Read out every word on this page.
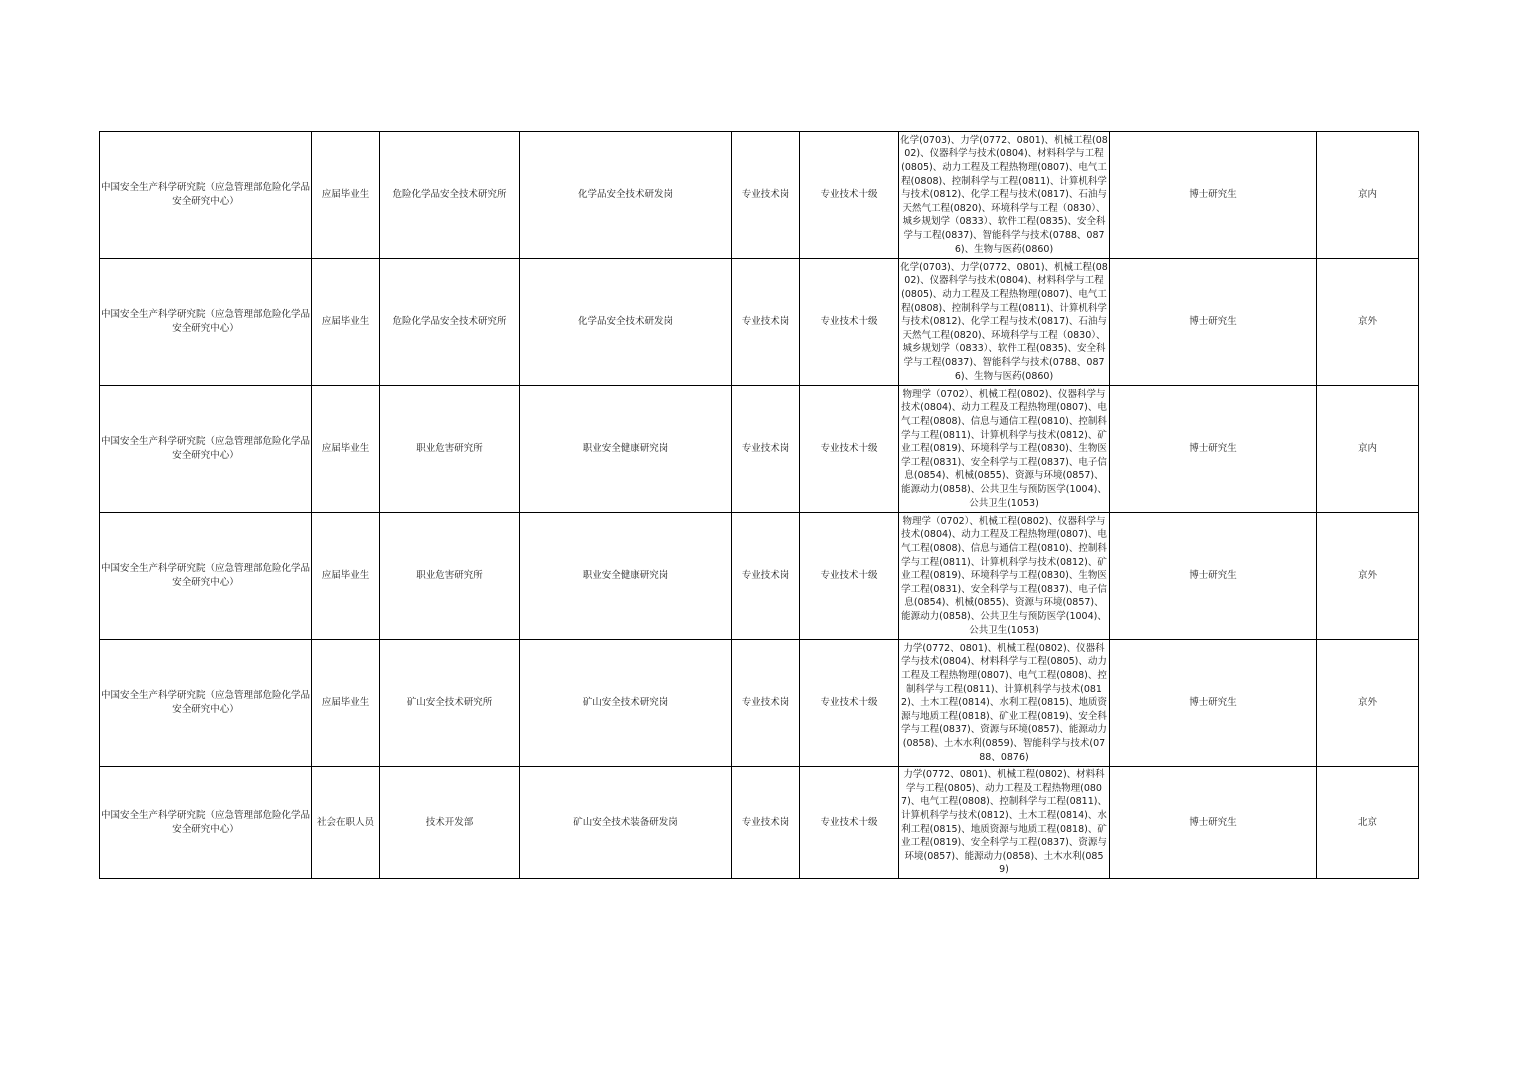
中国安全生产科学研究院（应急管理部危险化学品安全研究中心）	应届毕业生	危险化学品安全技术研究所	化学品安全技术研发岗	专业技术岗	专业技术十级	化学(0703)、力学(0772、0801)、机械工程(0802)、仪器科学与技术(0804)、材料科学与工程(0805)、动力工程及工程热物理(0807)、电气工程(0808)、控制科学与工程(0811)、计算机科学与技术(0812)、化学工程与技术(0817)、石油与天然气工程(0820)、环境科学与工程（0830）、城乡规划学（0833）、软件工程(0835)、安全科学与工程(0837)、智能科学与技术(0788、0876)、生物与医药(0860)	博士研究生	京内
中国安全生产科学研究院（应急管理部危险化学品安全研究中心）	应届毕业生	危险化学品安全技术研究所	化学品安全技术研发岗	专业技术岗	专业技术十级	化学(0703)、力学(0772、0801)、机械工程(0802)、仪器科学与技术(0804)、材料科学与工程(0805)、动力工程及工程热物理(0807)、电气工程(0808)、控制科学与工程(0811)、计算机科学与技术(0812)、化学工程与技术(0817)、石油与天然气工程(0820)、环境科学与工程（0830）、城乡规划学（0833）、软件工程(0835)、安全科学与工程(0837)、智能科学与技术(0788、0876)、生物与医药(0860)	博士研究生	京外
中国安全生产科学研究院（应急管理部危险化学品安全研究中心）	应届毕业生	职业危害研究所	职业安全健康研究岗	专业技术岗	专业技术十级	物理学（0702）、机械工程(0802)、仪器科学与技术(0804)、动力工程及工程热物理(0807)、电气工程(0808)、信息与通信工程(0810)、控制科学与工程(0811)、计算机科学与技术(0812)、矿业工程(0819)、环境科学与工程(0830)、生物医学工程(0831)、安全科学与工程(0837)、电子信息(0854)、机械(0855)、资源与环境(0857)、能源动力(0858)、公共卫生与预防医学(1004)、公共卫生(1053)	博士研究生	京内
中国安全生产科学研究院（应急管理部危险化学品安全研究中心）	应届毕业生	职业危害研究所	职业安全健康研究岗	专业技术岗	专业技术十级	物理学（0702）、机械工程(0802)、仪器科学与技术(0804)、动力工程及工程热物理(0807)、电气工程(0808)、信息与通信工程(0810)、控制科学与工程(0811)、计算机科学与技术(0812)、矿业工程(0819)、环境科学与工程(0830)、生物医学工程(0831)、安全科学与工程(0837)、电子信息(0854)、机械(0855)、资源与环境(0857)、能源动力(0858)、公共卫生与预防医学(1004)、公共卫生(1053)	博士研究生	京外
中国安全生产科学研究院（应急管理部危险化学品安全研究中心）	应届毕业生	矿山安全技术研究所	矿山安全技术研究岗	专业技术岗	专业技术十级	力学(0772、0801)、机械工程(0802)、仪器科学与技术(0804)、材料科学与工程(0805)、动力工程及工程热物理(0807)、电气工程(0808)、控制科学与工程(0811)、计算机科学与技术(0812)、土木工程(0814)、水利工程(0815)、地质资源与地质工程(0818)、矿业工程(0819)、安全科学与工程(0837)、资源与环境(0857)、能源动力(0858)、土木水利(0859)、智能科学与技术(0788、0876)	博士研究生	京外
中国安全生产科学研究院（应急管理部危险化学品安全研究中心）	社会在职人员	技术开发部	矿山安全技术装备研发岗	专业技术岗	专业技术十级	力学(0772、0801)、机械工程(0802)、材料科学与工程(0805)、动力工程及工程热物理(0807)、电气工程(0808)、控制科学与工程(0811)、计算机科学与技术(0812)、土木工程(0814)、水利工程(0815)、地质资源与地质工程(0818)、矿业工程(0819)、安全科学与工程(0837)、资源与环境(0857)、能源动力(0858)、土木水利(0859)	博士研究生	北京
